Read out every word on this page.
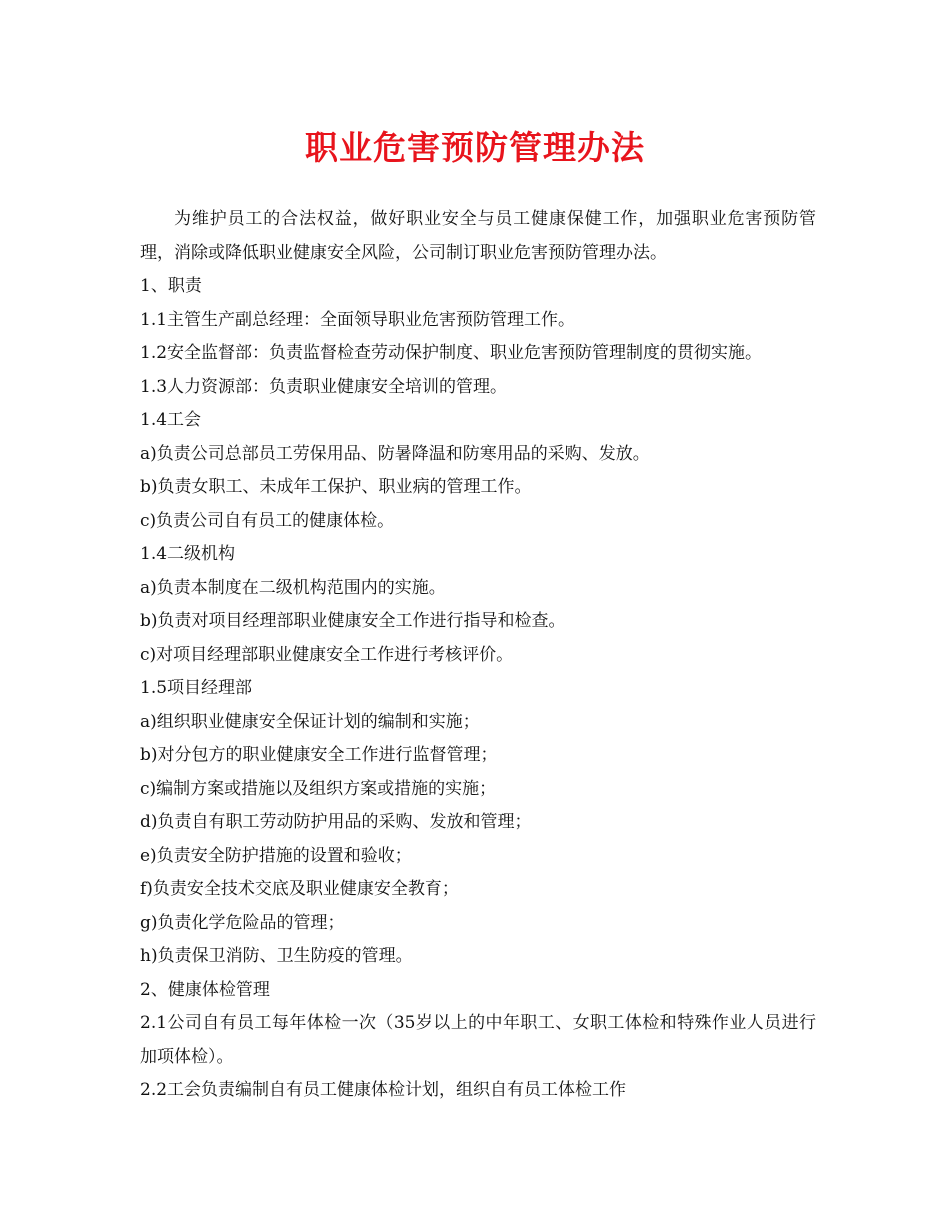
职业危害预防管理办法

为维护员工的合法权益，做好职业安全与员工健康保健工作，加强职业危害预防管理，消除或降低职业健康安全风险，公司制订职业危害预防管理办法。

1、职责

1.1主管生产副总经理：全面领导职业危害预防管理工作。

1.2安全监督部：负责监督检查劳动保护制度、职业危害预防管理制度的贯彻实施。

1.3人力资源部：负责职业健康安全培训的管理。

1.4工会

a)负责公司总部员工劳保用品、防暑降温和防寒用品的采购、发放。

b)负责女职工、未成年工保护、职业病的管理工作。

c)负责公司自有员工的健康体检。

1.4二级机构

a)负责本制度在二级机构范围内的实施。

b)负责对项目经理部职业健康安全工作进行指导和检查。

c)对项目经理部职业健康安全工作进行考核评价。

1.5项目经理部

a)组织职业健康安全保证计划的编制和实施；

b)对分包方的职业健康安全工作进行监督管理；

c)编制方案或措施以及组织方案或措施的实施；

d)负责自有职工劳动防护用品的采购、发放和管理；

e)负责安全防护措施的设置和验收；

f)负责安全技术交底及职业健康安全教育；

g)负责化学危险品的管理；

h)负责保卫消防、卫生防疫的管理。

2、健康体检管理

2.1公司自有员工每年体检一次（35岁以上的中年职工、女职工体检和特殊作业人员进行加项体检）。

2.2工会负责编制自有员工健康体检计划，组织自有员工体检工作
